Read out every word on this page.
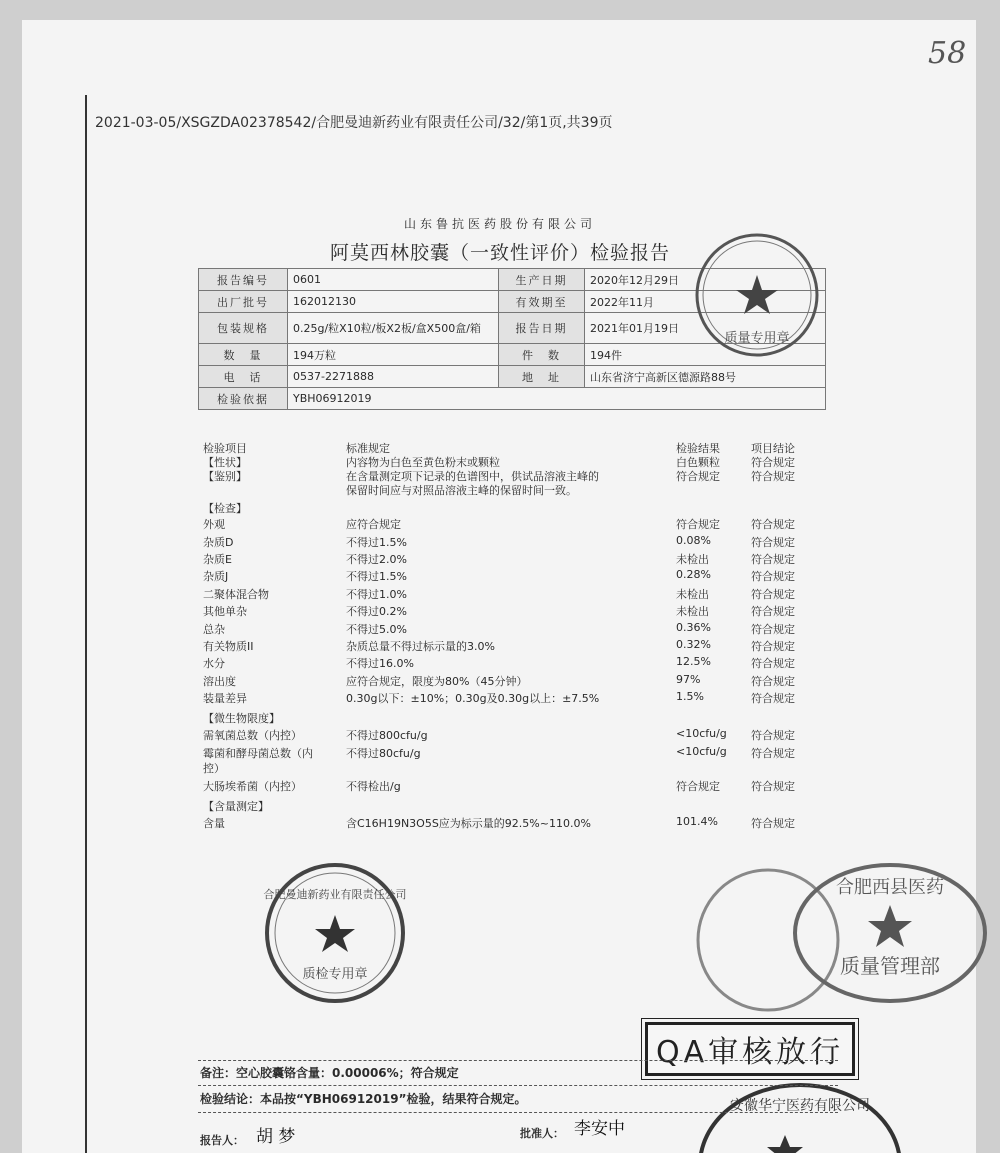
58
2021-03-05/XSGZDA02378542/合肥曼迪新药业有限责任公司/32/第1页,共39页
山东鲁抗医药股份有限公司
阿莫西林胶囊（一致性评价）检验报告
报告编号	0601	生产日期	2020年12月29日
出厂批号	162012130	有效期至	2022年11月
包装规格	0.25g/粒X10粒/板X2板/盒X500盒/箱	报告日期	2021年01月19日
数　量	194万粒	件　数	194件
电　话	0537-2271888	地　址	山东省济宁高新区德源路88号
检验依据	YBH06912019		
检验项目	标准规定	检验结果	项目结论
【性状】	内容物为白色至黄色粉末或颗粒	白色颗粒	符合规定
【鉴别】	在含量测定项下记录的色谱图中，供试品溶液主峰的	符合规定	符合规定
保留时间应与对照品溶液主峰的保留时间一致。
【检查】
外观	应符合规定	符合规定	符合规定
杂质D	不得过1.5%	0.08%	符合规定
杂质E	不得过2.0%	未检出	符合规定
杂质J	不得过1.5%	0.28%	符合规定
二聚体混合物	不得过1.0%	未检出	符合规定
其他单杂	不得过0.2%	未检出	符合规定
总杂	不得过5.0%	0.36%	符合规定
有关物质II	杂质总量不得过标示量的3.0%	0.32%	符合规定
水分	不得过16.0%	12.5%	符合规定
溶出度	应符合规定，限度为80%（45分钟）	97%	符合规定
装量差异	0.30g以下：±10%；0.30g及0.30g以上：±7.5%	1.5%	符合规定
【微生物限度】
需氧菌总数（内控）	不得过800cfu/g	<10cfu/g	符合规定
霉菌和酵母菌总数（内	不得过80cfu/g	<10cfu/g	符合规定
控）
大肠埃希菌（内控）	不得检出/g	符合规定	符合规定
【含量测定】
含量	含C16H19N3O5S应为标示量的92.5%~110.0%	101.4%	符合规定
质量专用章
合肥曼迪新药业有限责任公司
质检专用章
合肥西县医药
质量管理部
安徽华宁医药有限公司
QA审核放行
备注：空心胶囊铬含量：0.00006%；符合规定
检验结论：本品按“YBH06912019”检验，结果符合规定。
报告人： 胡 梦	批准人： 李安中
